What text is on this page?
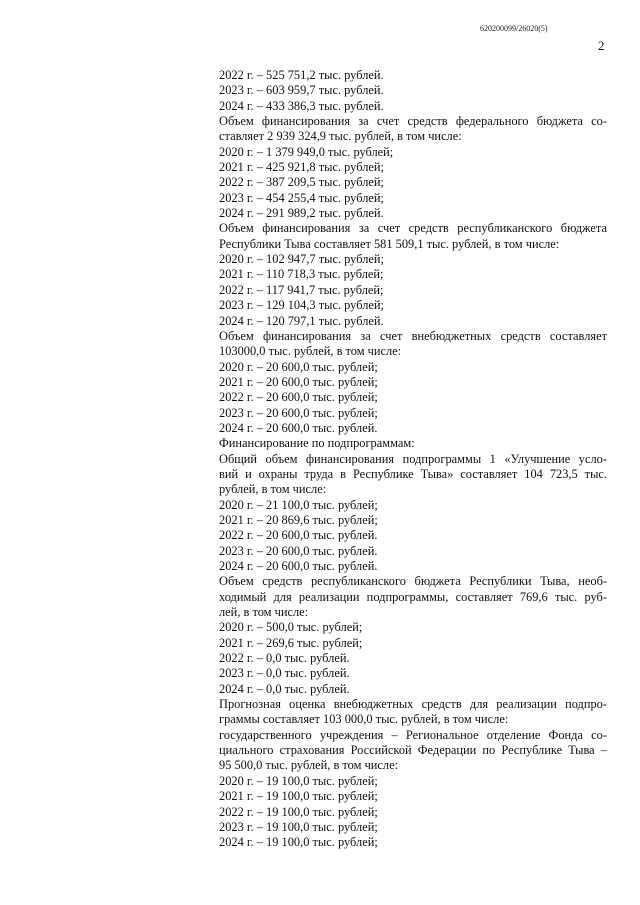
620200099/26020(5)
2
2022 г. – 525 751,2 тыс. рублей.
2023 г. – 603 959,7 тыс. рублей.
2024 г. – 433 386,3 тыс. рублей.
Объем финансирования за счет средств федерального бюджета со-
ставляет 2 939 324,9 тыс. рублей, в том числе:
2020 г. – 1 379 949,0 тыс. рублей;
2021 г. – 425 921,8 тыс. рублей;
2022 г. – 387 209,5 тыс. рублей;
2023 г. – 454 255,4 тыс. рублей;
2024 г. – 291 989,2 тыс. рублей.
Объем финансирования за счет средств республиканского бюджета
Республики Тыва составляет 581 509,1 тыс. рублей, в том числе:
2020 г. – 102 947,7 тыс. рублей;
2021 г. – 110 718,3 тыс. рублей;
2022 г. – 117 941,7 тыс. рублей;
2023 г. – 129 104,3 тыс. рублей;
2024 г. – 120 797,1 тыс. рублей.
Объем финансирования за счет внебюджетных средств составляет
103000,0 тыс. рублей, в том числе:
2020 г. – 20 600,0 тыс. рублей;
2021 г. – 20 600,0 тыс. рублей;
2022 г. – 20 600,0 тыс. рублей;
2023 г. – 20 600,0 тыс. рублей;
2024 г. – 20 600,0 тыс. рублей.
Финансирование по подпрограммам:
Общий объем финансирования подпрограммы 1 «Улучшение усло-
вий и охраны труда в Республике Тыва» составляет 104 723,5 тыс.
рублей, в том числе:
2020 г. – 21 100,0 тыс. рублей;
2021 г. – 20 869,6 тыс. рублей;
2022 г. – 20 600,0 тыс. рублей.
2023 г. – 20 600,0 тыс. рублей.
2024 г. – 20 600,0 тыс. рублей.
Объем средств республиканского бюджета Республики Тыва, необ-
ходимый для реализации подпрограммы, составляет 769,6 тыс. руб-
лей, в том числе:
2020 г. – 500,0 тыс. рублей;
2021 г. – 269,6 тыс. рублей;
2022 г. – 0,0 тыс. рублей.
2023 г. – 0,0 тыс. рублей.
2024 г. – 0,0 тыс. рублей.
Прогнозная оценка внебюджетных средств для реализации подпро-
граммы составляет 103 000,0 тыс. рублей, в том числе:
государственного учреждения – Региональное отделение Фонда со-
циального страхования Российской Федерации по Республике Тыва –
95 500,0 тыс. рублей, в том числе:
2020 г. – 19 100,0 тыс. рублей;
2021 г. – 19 100,0 тыс. рублей;
2022 г. – 19 100,0 тыс. рублей;
2023 г. – 19 100,0 тыс. рублей;
2024 г. – 19 100,0 тыс. рублей;
